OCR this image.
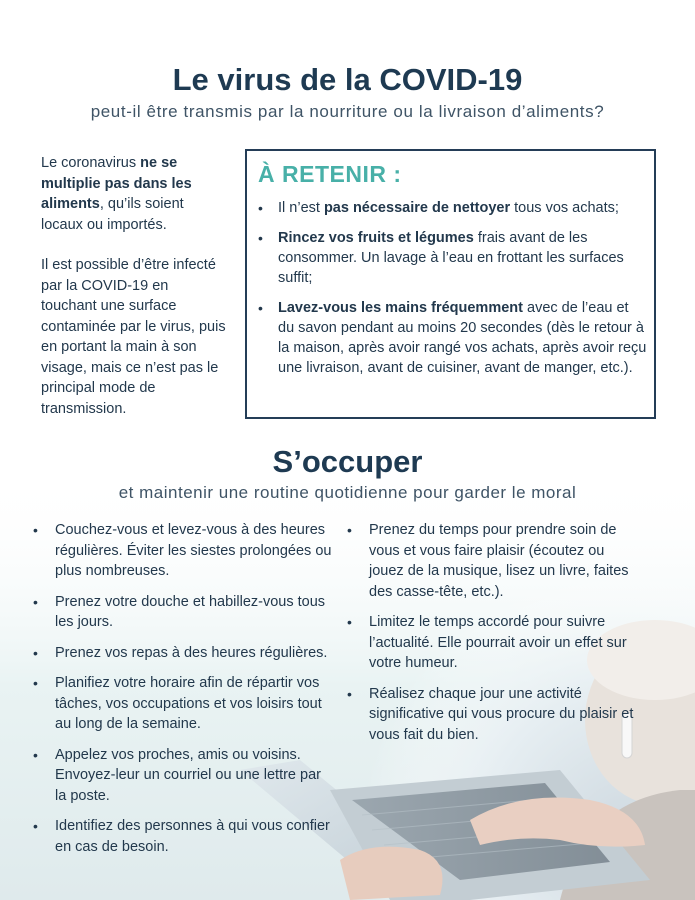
Le virus de la COVID-19
peut-il être transmis par la nourriture ou la livraison d’aliments?

Le coronavirus ne se multiplie pas dans les aliments, qu’ils soient locaux ou importés.

Il est possible d’être infecté par la COVID-19 en touchant une surface contaminée par le virus, puis en portant la main à son visage, mais ce n’est pas le principal mode de transmission.

À RETENIR :
• Il n’est pas nécessaire de nettoyer tous vos achats;
• Rincez vos fruits et légumes frais avant de les consommer. Un lavage à l’eau en frottant les surfaces suffit;
• Lavez-vous les mains fréquemment avec de l’eau et du savon pendant au moins 20 secondes (dès le retour à la maison, après avoir rangé vos achats, après avoir reçu une livraison, avant de cuisiner, avant de manger, etc.).
S’occuper
et maintenir une routine quotidienne pour garder le moral
• Couchez-vous et levez-vous à des heures régulières. Éviter les siestes prolongées ou plus nombreuses.
• Prenez votre douche et habillez-vous tous les jours.
• Prenez vos repas à des heures régulières.
• Planifiez votre horaire afin de répartir vos tâches, vos occupations et vos loisirs tout au long de la semaine.
• Appelez vos proches, amis ou voisins. Envoyez-leur un courriel ou une lettre par la poste.
• Identifiez des personnes à qui vous confier en cas de besoin.
• Prenez du temps pour prendre soin de vous et vous faire plaisir (écoutez ou jouez de la musique, lisez un livre, faites des casse-tête, etc.).
• Limitez le temps accordé pour suivre l’actualité. Elle pourrait avoir un effet sur votre humeur.
• Réalisez chaque jour une activité significative qui vous procure du plaisir et vous fait du bien.
